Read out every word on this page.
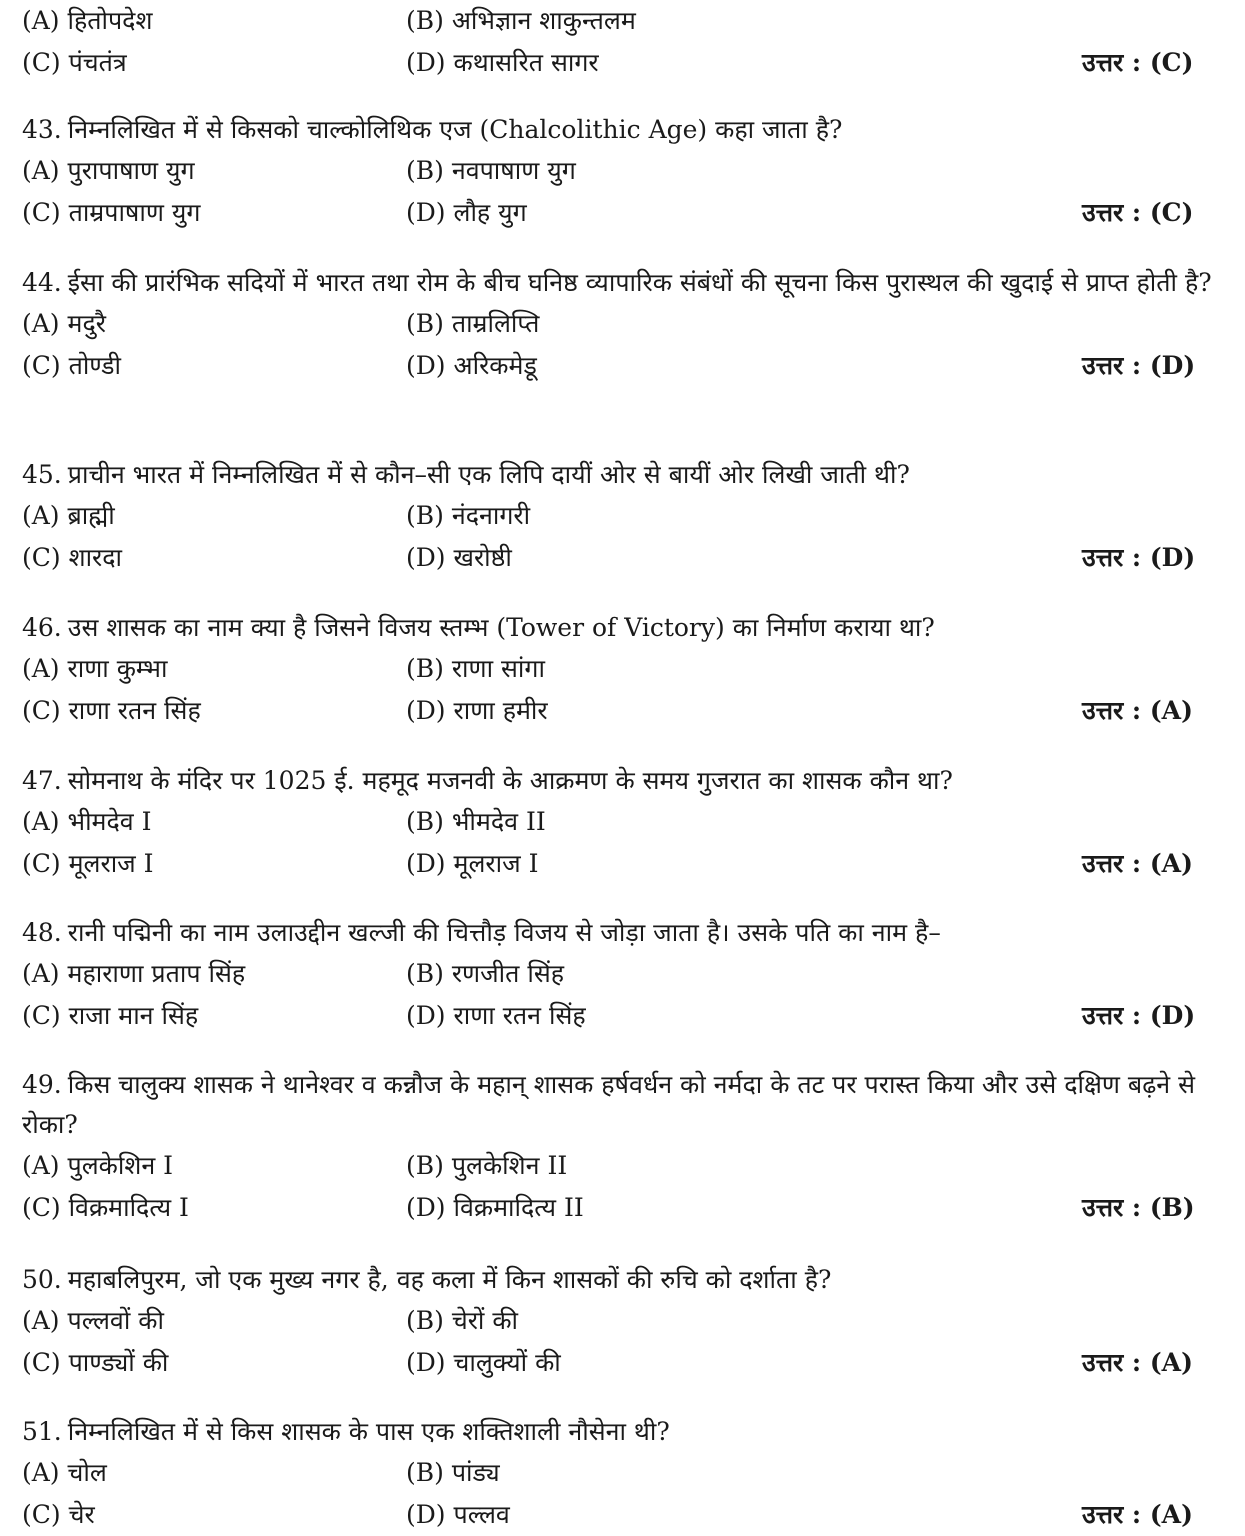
(A) हितोपदेश	(B) अभिज्ञान शाकुन्तलम
(C) पंचतंत्र	(D) कथासरित सागर	उत्तर : (C)

43. निम्नलिखित में से किसको चाल्कोलिथिक एज (Chalcolithic Age) कहा जाता है?

(A) पुरापाषाण युग	(B) नवपाषाण युग
(C) ताम्रपाषाण युग	(D) लौह युग	उत्तर : (C)

44. ईसा की प्रारंभिक सदियों में भारत तथा रोम के बीच घनिष्ठ व्यापारिक संबंधों की सूचना किस पुरास्थल की खुदाई से प्राप्त होती है?

(A) मदुरै	(B) ताम्रलिप्ति
(C) तोण्डी	(D) अरिकमेडू	उत्तर : (D)

45. प्राचीन भारत में निम्नलिखित में से कौन–सी एक लिपि दायीं ओर से बायीं ओर लिखी जाती थी?

(A) ब्राह्मी	(B) नंदनागरी
(C) शारदा	(D) खरोष्ठी	उत्तर : (D)

46. उस शासक का नाम क्या है जिसने विजय स्तम्भ (Tower of Victory) का निर्माण कराया था?

(A) राणा कुम्भा	(B) राणा सांगा
(C) राणा रतन सिंह	(D) राणा हमीर	उत्तर : (A)

47. सोमनाथ के मंदिर पर 1025 ई. महमूद मजनवी के आक्रमण के समय गुजरात का शासक कौन था?

(A) भीमदेव I	(B) भीमदेव II
(C) मूलराज I	(D) मूलराज I	उत्तर : (A)

48. रानी पद्मिनी का नाम उलाउद्दीन खल्जी की चित्तौड़ विजय से जोड़ा जाता है। उसके पति का नाम है–

(A) महाराणा प्रताप सिंह	(B) रणजीत सिंह
(C) राजा मान सिंह	(D) राणा रतन सिंह	उत्तर : (D)

49. किस चालुक्य शासक ने थानेश्वर व कन्नौज के महान् शासक हर्षवर्धन को नर्मदा के तट पर परास्त किया और उसे दक्षिण बढ़ने से रोका?

(A) पुलकेशिन I	(B) पुलकेशिन II
(C) विक्रमादित्य I	(D) विक्रमादित्य II	उत्तर : (B)

50. महाबलिपुरम, जो एक मुख्य नगर है, वह कला में किन शासकों की रुचि को दर्शाता है?

(A) पल्लवों की	(B) चेरों की
(C) पाण्ड्यों की	(D) चालुक्यों की	उत्तर : (A)

51. निम्नलिखित में से किस शासक के पास एक शक्तिशाली नौसेना थी?

(A) चोल	(B) पांड्य
(C) चेर	(D) पल्लव	उत्तर : (A)
